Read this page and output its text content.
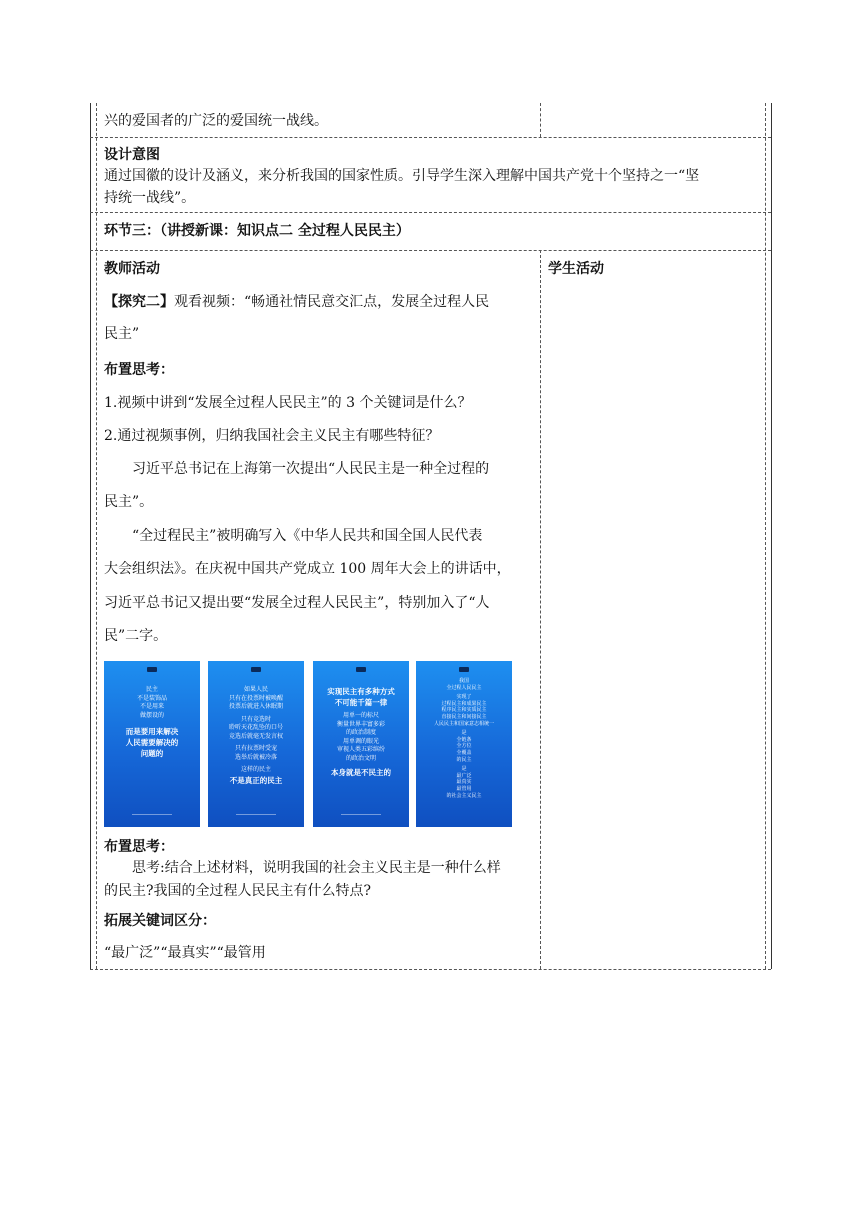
兴的爱国者的广泛的爱国统一战线。
设计意图
通过国徽的设计及涵义，来分析我国的国家性质。引导学生深入理解中国共产党十个坚持之一“坚
持统一战线”。
环节三：（讲授新课：知识点二 全过程人民民主）
教师活动	学生活动
【探究二】观看视频：“畅通社情民意交汇点，发展全过程人民
民主”
布置思考：
1.视频中讲到“发展全过程人民民主”的 3 个关键词是什么？
2.通过视频事例，归纳我国社会主义民主有哪些特征？
习近平总书记在上海第一次提出“人民民主是一种全过程的
民主”。
“全过程民主”被明确写入《中华人民共和国全国人民代表
大会组织法》。在庆祝中国共产党成立 100 周年大会上的讲话中，
习近平总书记又提出要“发展全过程人民民主”，特别加入了“人
民”二字。
民主
不是装饰品
不是用来
做摆设的
而是要用来解决
人民需要解决的
问题的
如果人民
只有在投票时被唤醒
投票后就进入休眠期
只有竞选时
聆听天花乱坠的口号
竞选后就毫无发言权
只有拉票时受宠
选举后就被冷落
这样的民主
不是真正的民主
实现民主有多种方式
不可能千篇一律
用单一的标尺
衡量世界丰富多彩
的政治制度
用单调的眼光
审视人类五彩缤纷
的政治文明
本身就是不民主的
我国
全过程人民民主
实现了
过程民主和成果民主
程序民主和实质民主
直接民主和间接民主
人民民主和国家意志相统一
是
全链条
全方位
全覆盖
的民主
是
最广泛
最真实
最管用
的社会主义民主
布置思考：
思考:结合上述材料，说明我国的社会主义民主是一种什么样
的民主?我国的全过程人民民主有什么特点?
拓展关键词区分：
“最广泛”“最真实”“最管用
